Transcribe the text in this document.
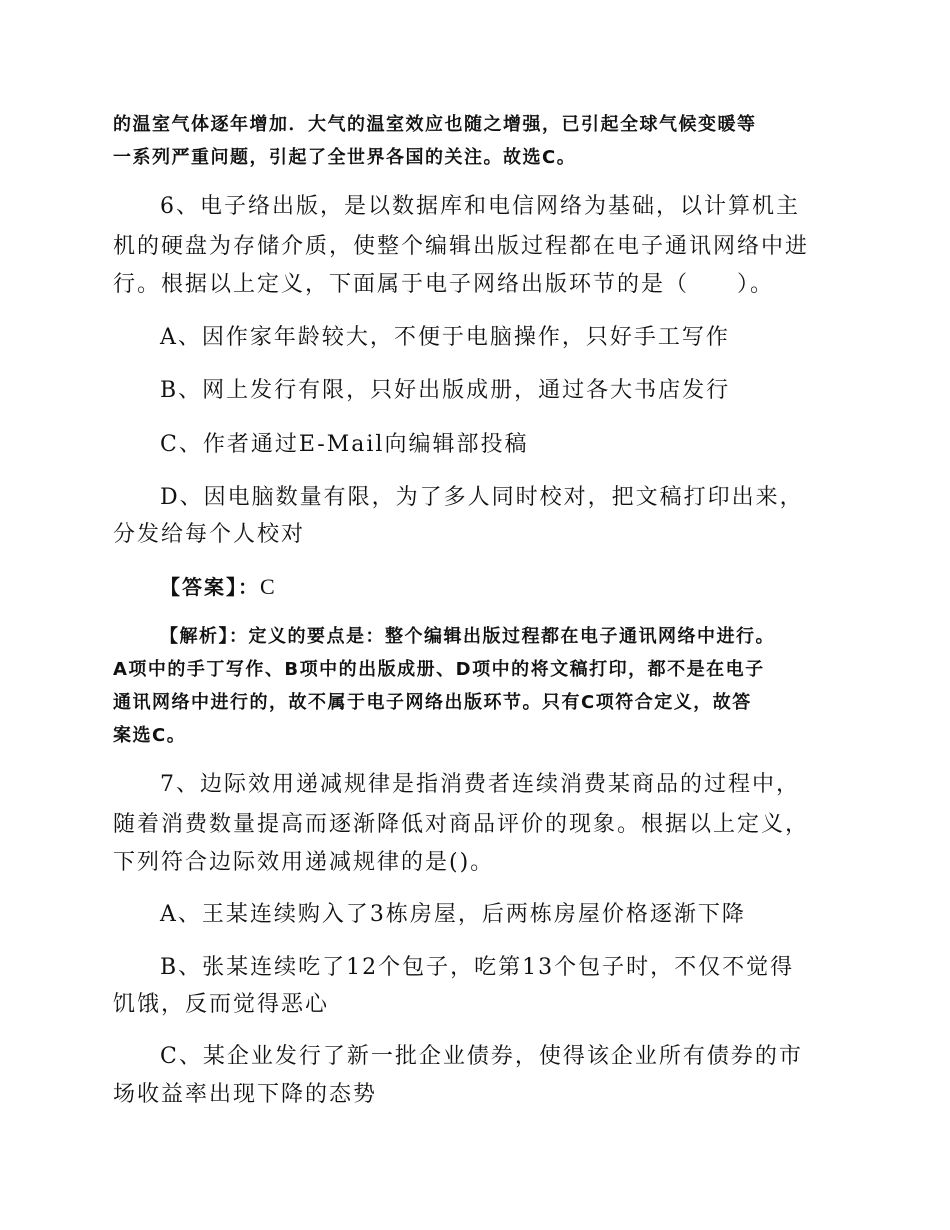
的温室气体逐年增加．大气的温室效应也随之增强，已引起全球气候变暖等
一系列严重问题，引起了全世界各国的关注。故选C。
6、电子络出版，是以数据库和电信网络为基础，以计算机主
机的硬盘为存储介质，使整个编辑出版过程都在电子通讯网络中进
行。根据以上定义，下面属于电子网络出版环节的是（　　）。
A、因作家年龄较大，不便于电脑操作，只好手工写作
B、网上发行有限，只好出版成册，通过各大书店发行
C、作者通过E-Mail向编辑部投稿
D、因电脑数量有限，为了多人同时校对，把文稿打印出来，
分发给每个人校对
【答案】：C
【解析】：定义的要点是：整个编辑出版过程都在电子通讯网络中进行。
A项中的手丁写作、B项中的出版成册、D项中的将文稿打印，都不是在电子
通讯网络中进行的，故不属于电子网络出版环节。只有C项符合定义，故答
案选C。
7、边际效用递减规律是指消费者连续消费某商品的过程中，
随着消费数量提高而逐渐降低对商品评价的现象。根据以上定义，
下列符合边际效用递减规律的是()。
A、王某连续购入了3栋房屋，后两栋房屋价格逐渐下降
B、张某连续吃了12个包子，吃第13个包子时，不仅不觉得
饥饿，反而觉得恶心
C、某企业发行了新一批企业债券，使得该企业所有债券的市
场收益率出现下降的态势
